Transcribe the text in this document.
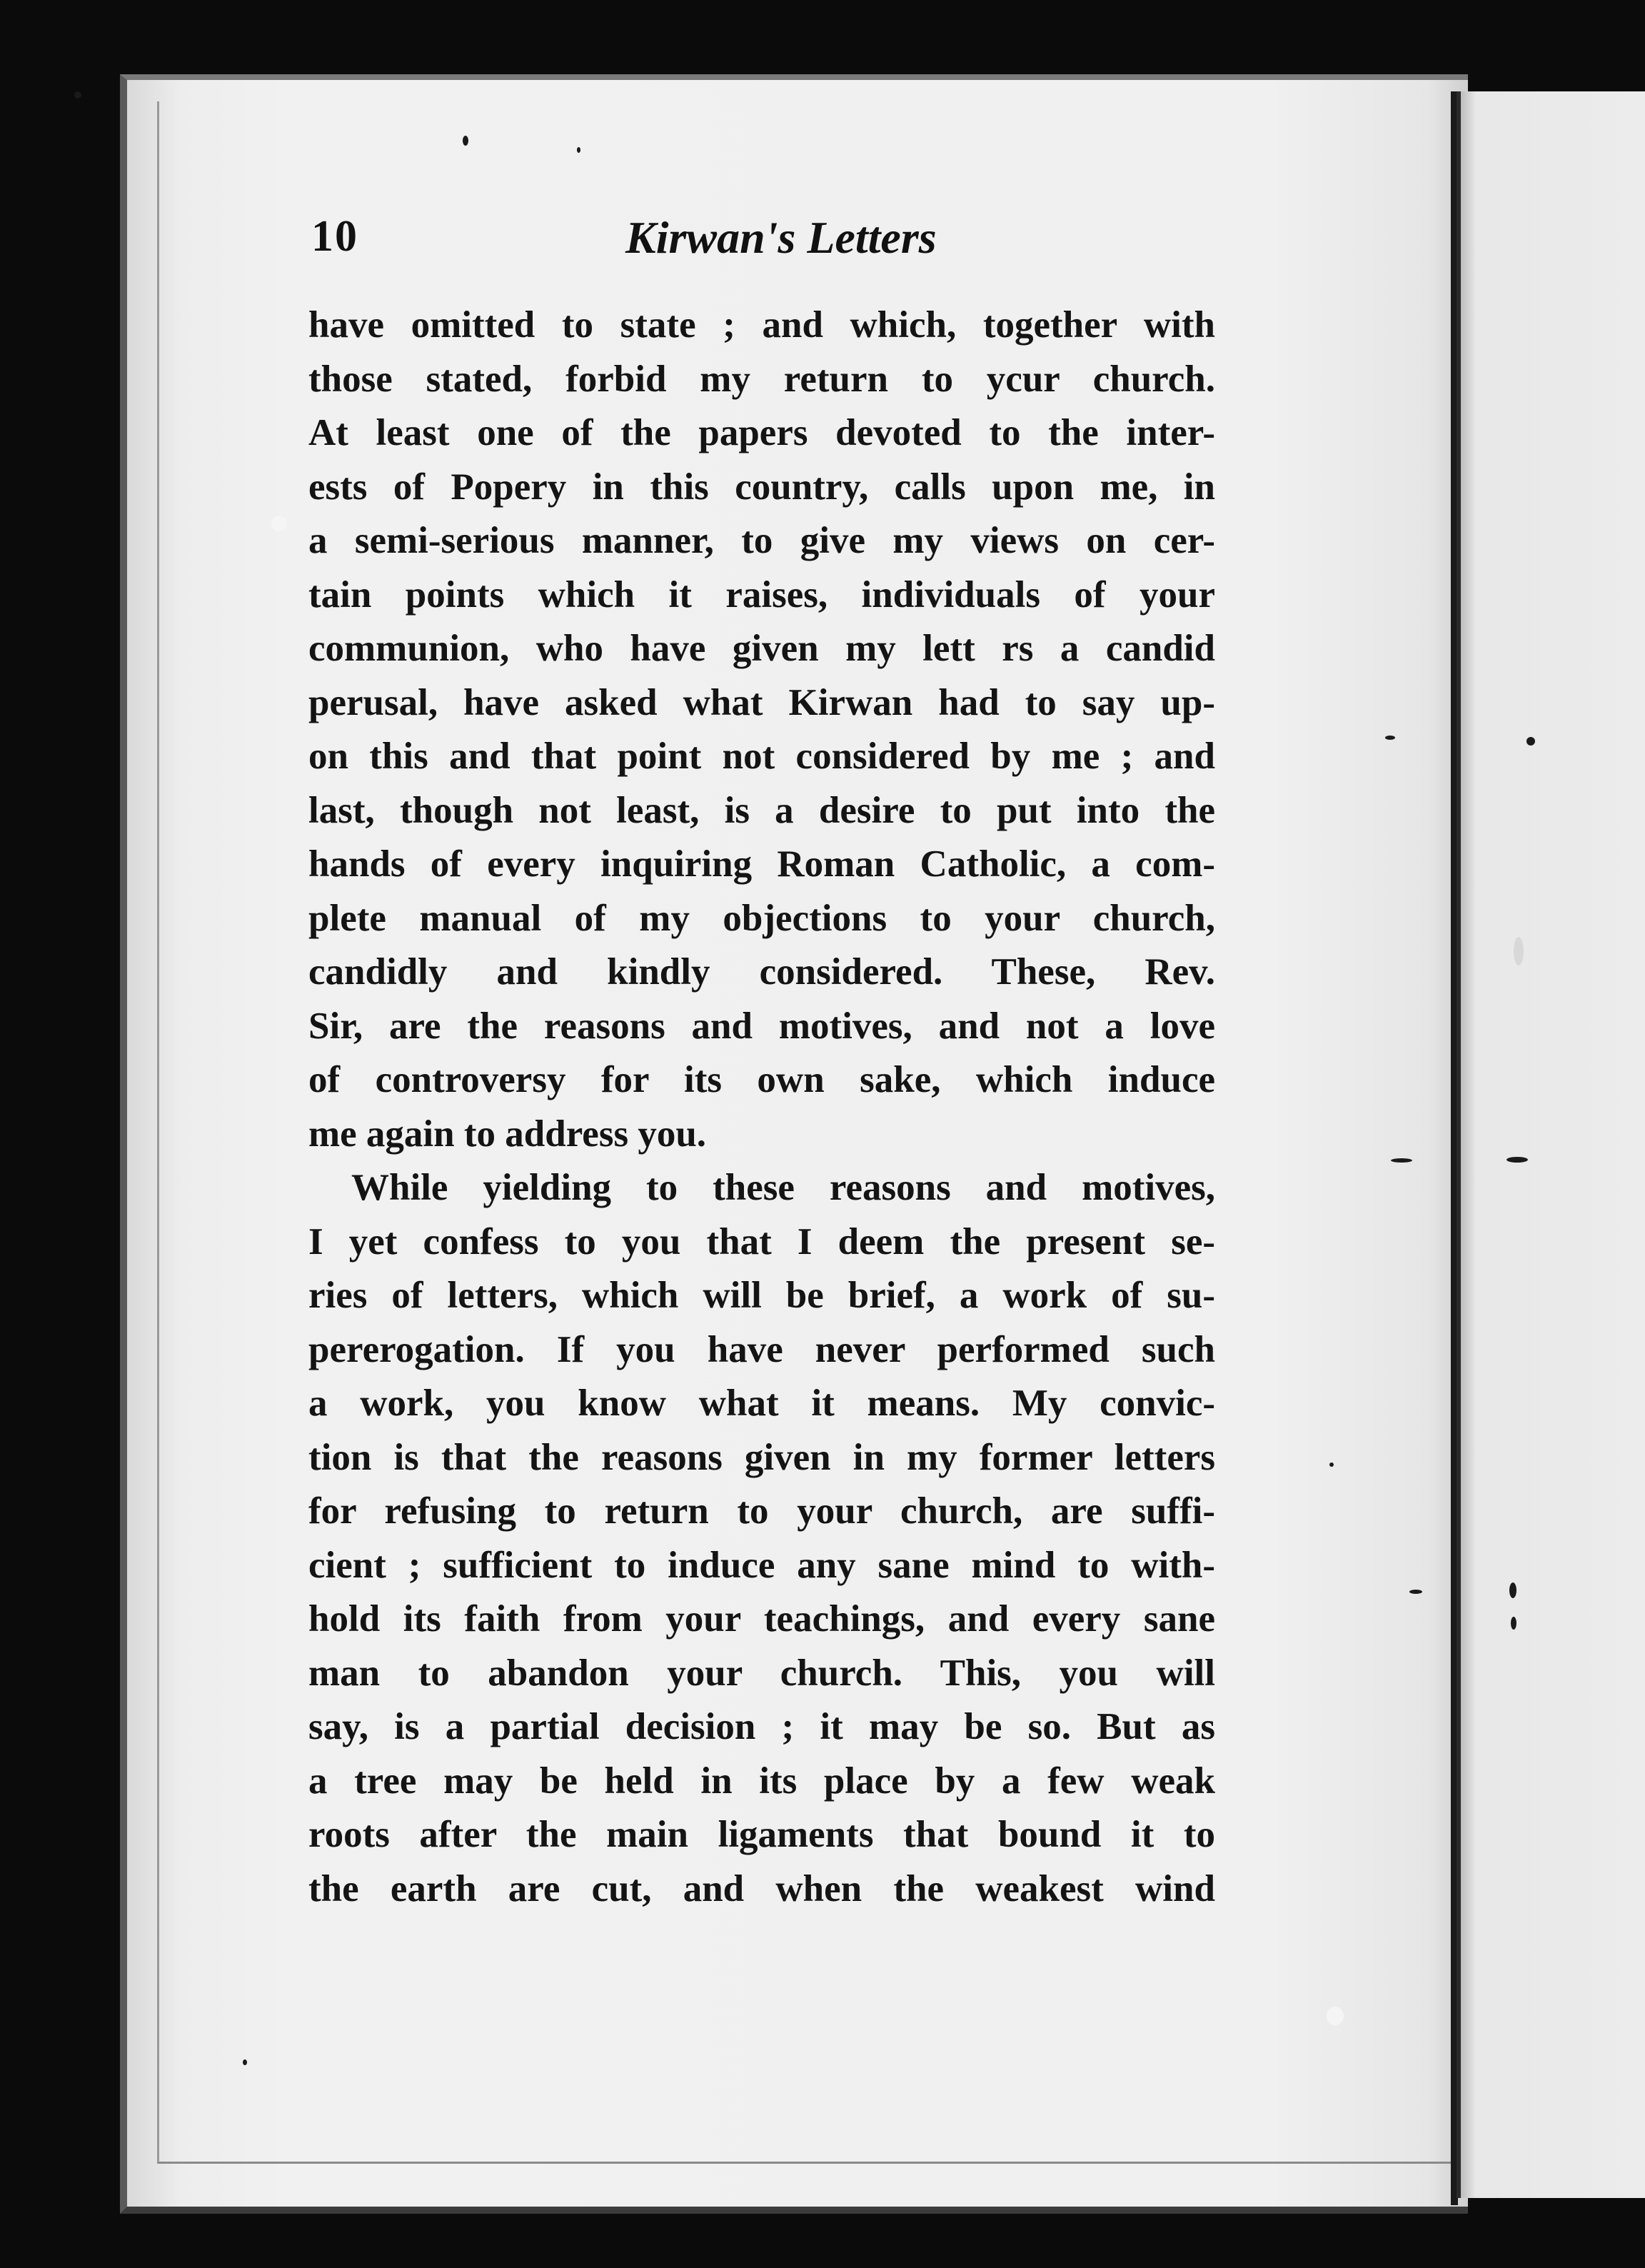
10	Kirwan's Letters
have omitted to state ; and which, together with
those stated, forbid my return to ycur church.
At least one of the papers devoted to the inter-
ests of Popery in this country, calls upon me, in
a semi-serious manner, to give my views on cer-
tain points which it raises, individuals of your
communion, who have given my lett rs a candid
perusal, have asked what Kirwan had to say up-
on this and that point not considered by me ; and
last, though not least, is a desire to put into the
hands of every inquiring Roman Catholic, a com-
plete manual of my objections to your church,
candidly and kindly considered. These, Rev.
Sir, are the reasons and motives, and not a love
of controversy for its own sake, which induce
me again to address you.
While yielding to these reasons and motives,
I yet confess to you that I deem the present se-
ries of letters, which will be brief, a work of su-
pererogation. If you have never performed such
a work, you know what it means. My convic-
tion is that the reasons given in my former letters
for refusing to return to your church, are suffi-
cient ; sufficient to induce any sane mind to with-
hold its faith from your teachings, and every sane
man to abandon your church. This, you will
say, is a partial decision ; it may be so. But as
a tree may be held in its place by a few weak
roots after the main ligaments that bound it to
the earth are cut, and when the weakest wind
